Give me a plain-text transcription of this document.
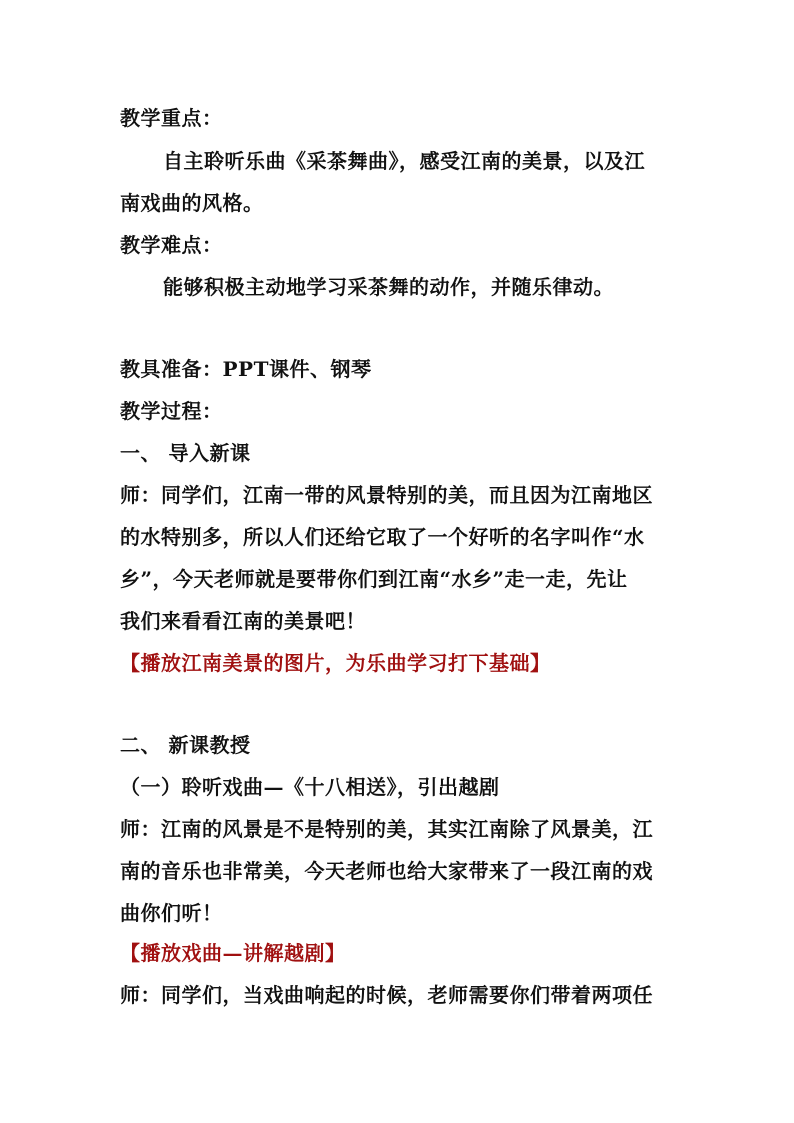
教学重点：
自主聆听乐曲《采茶舞曲》，感受江南的美景，以及江
南戏曲的风格。
教学难点：
能够积极主动地学习采茶舞的动作，并随乐律动。
教具准备：PPT课件、钢琴
教学过程：
一、 导入新课
师：同学们，江南一带的风景特别的美，而且因为江南地区
的水特别多，所以人们还给它取了一个好听的名字叫作“水
乡”，今天老师就是要带你们到江南“水乡”走一走，先让
我们来看看江南的美景吧！
【播放江南美景的图片，为乐曲学习打下基础】
二、 新课教授
（一）聆听戏曲—《十八相送》，引出越剧
师：江南的风景是不是特别的美，其实江南除了风景美，江
南的音乐也非常美，今天老师也给大家带来了一段江南的戏
曲你们听！
【播放戏曲—讲解越剧】
师：同学们，当戏曲响起的时候，老师需要你们带着两项任
